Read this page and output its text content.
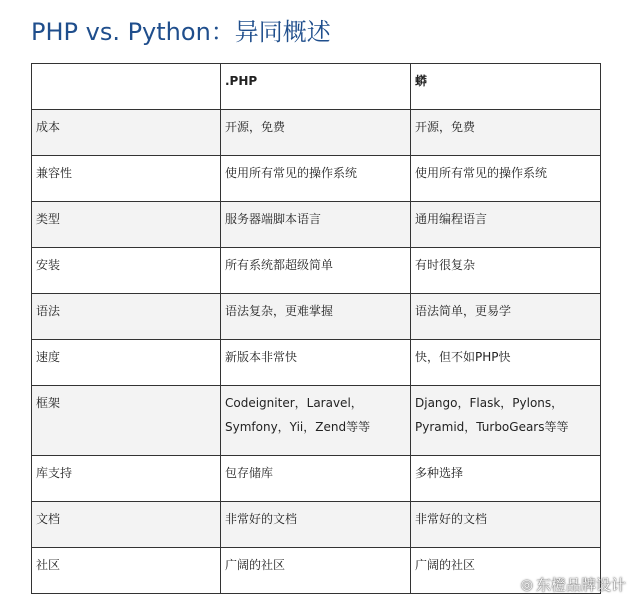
PHP vs. Python：异同概述
	.PHP	蟒
成本	开源，免费	开源，免费
兼容性	使用所有常见的操作系统	使用所有常见的操作系统
类型	服务器端脚本语言	通用编程语言
安装	所有系统都超级简单	有时很复杂
语法	语法复杂，更难掌握	语法简单，更易学
速度	新版本非常快	快，但不如PHP快
框架	Codeigniter，Laravel，Symfony，Yii，Zend等等	Django，Flask，Pylons，Pyramid，TurboGears等等
库支持	包存储库	多种选择
文档	非常好的文档	非常好的文档
社区	广阔的社区	广阔的社区
◎ 东橙品牌设计
